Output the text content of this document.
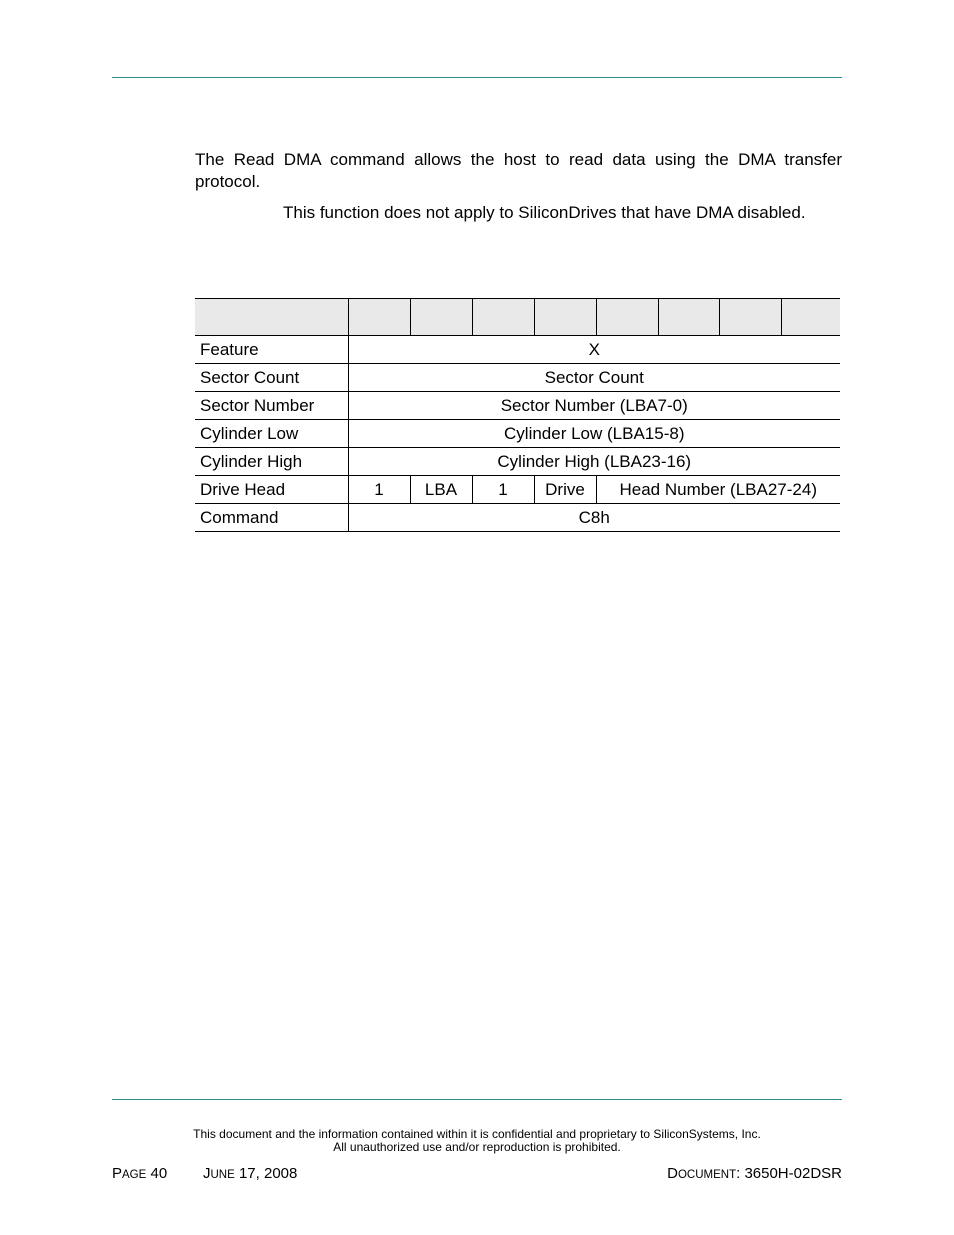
The Read DMA command allows the host to read data using the DMA transfer protocol.
This function does not apply to SiliconDrives that have DMA disabled.

Feature	X							
Sector Count	Sector Count							
Sector Number	Sector Number (LBA7-0)							
Cylinder Low	Cylinder Low (LBA15-8)							
Cylinder High	Cylinder High (LBA23-16)							
Drive Head	1	LBA	1	Drive	Head Number (LBA27-24)			
Command	C8h							
This document and the information contained within it is confidential and proprietary to SiliconSystems, Inc.
All unauthorized use and/or reproduction is prohibited.
PAGE 40 JUNE 17, 2008	DOCUMENT: 3650H-02DSR
